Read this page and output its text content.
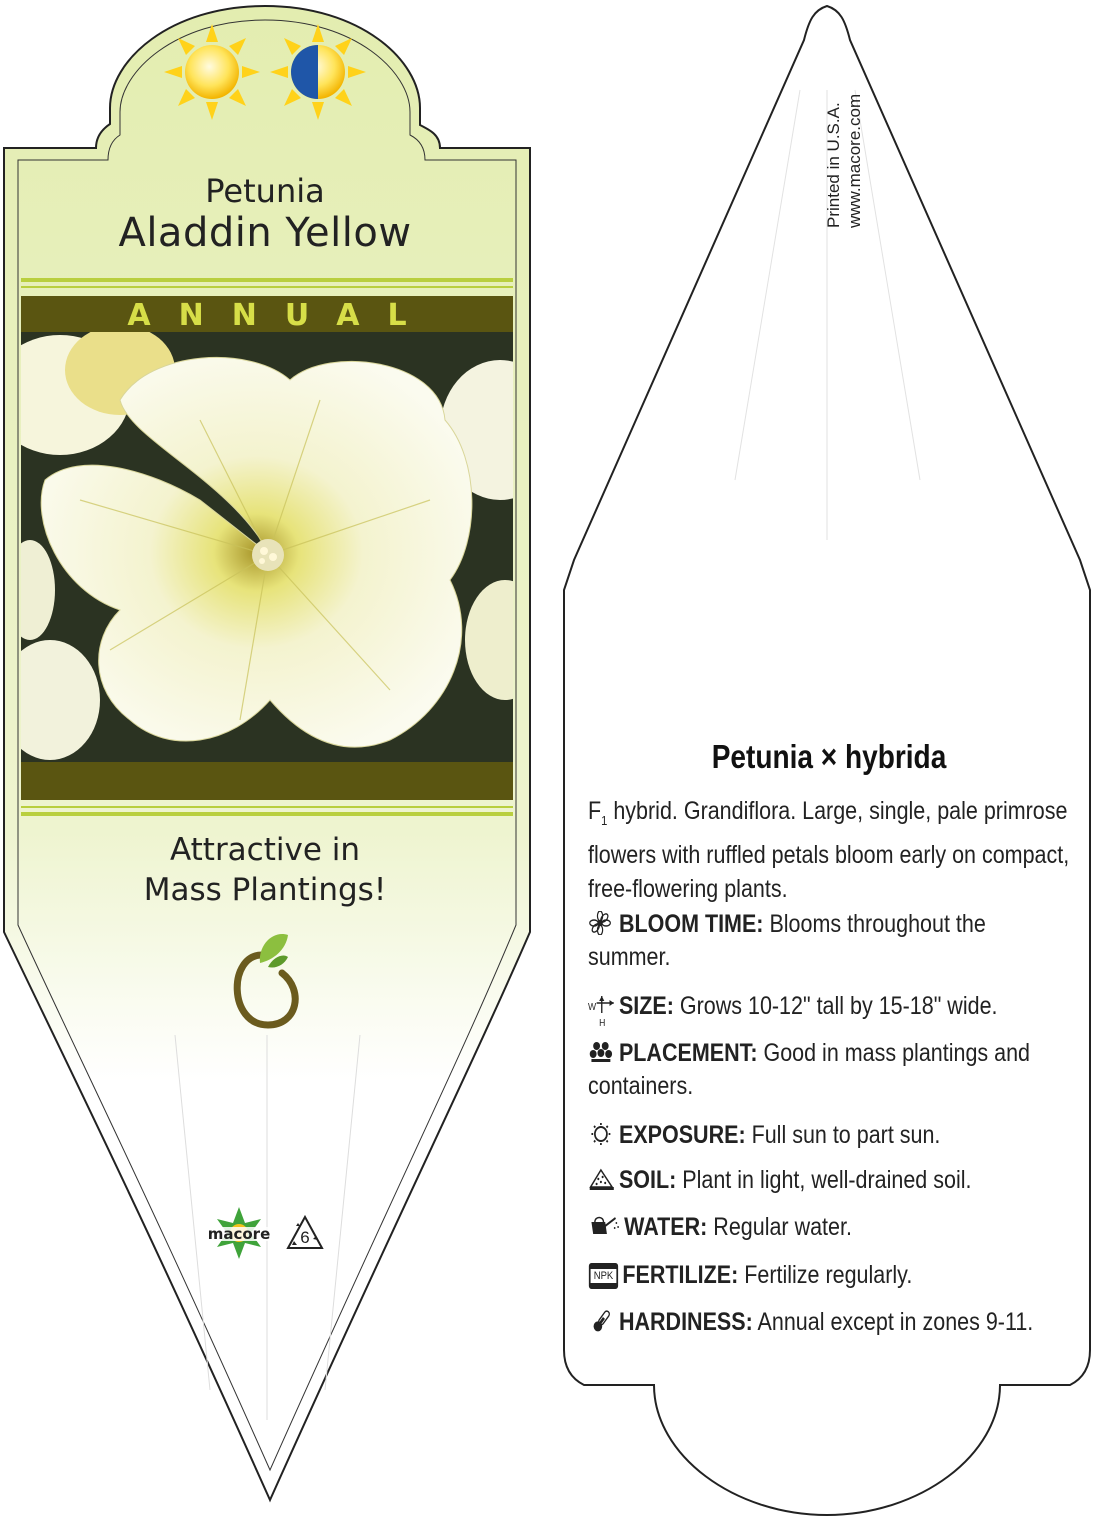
Petunia
Aladdin Yellow
ANNUAL
Attractive in
Mass Plantings!
macore	6
Printed in U.S.A. www.macore.com
Petunia × hybrida

$F_1$ hybrid. Grandiflora. Large, single, pale primrose flowers with ruffled petals bloom early on compact, free-flowering plants.

BLOOM TIME: Blooms throughout the summer.
W
H
SIZE: Grows 10-12" tall by 15-18" wide.
PLACEMENT: Good in mass plantings and containers.
EXPOSURE: Full sun to part sun.
SOIL: Plant in light, well-drained soil.
WATER: Regular water.
NPK FERTILIZE: Fertilize regularly.
HARDINESS: Annual except in zones 9-11.
